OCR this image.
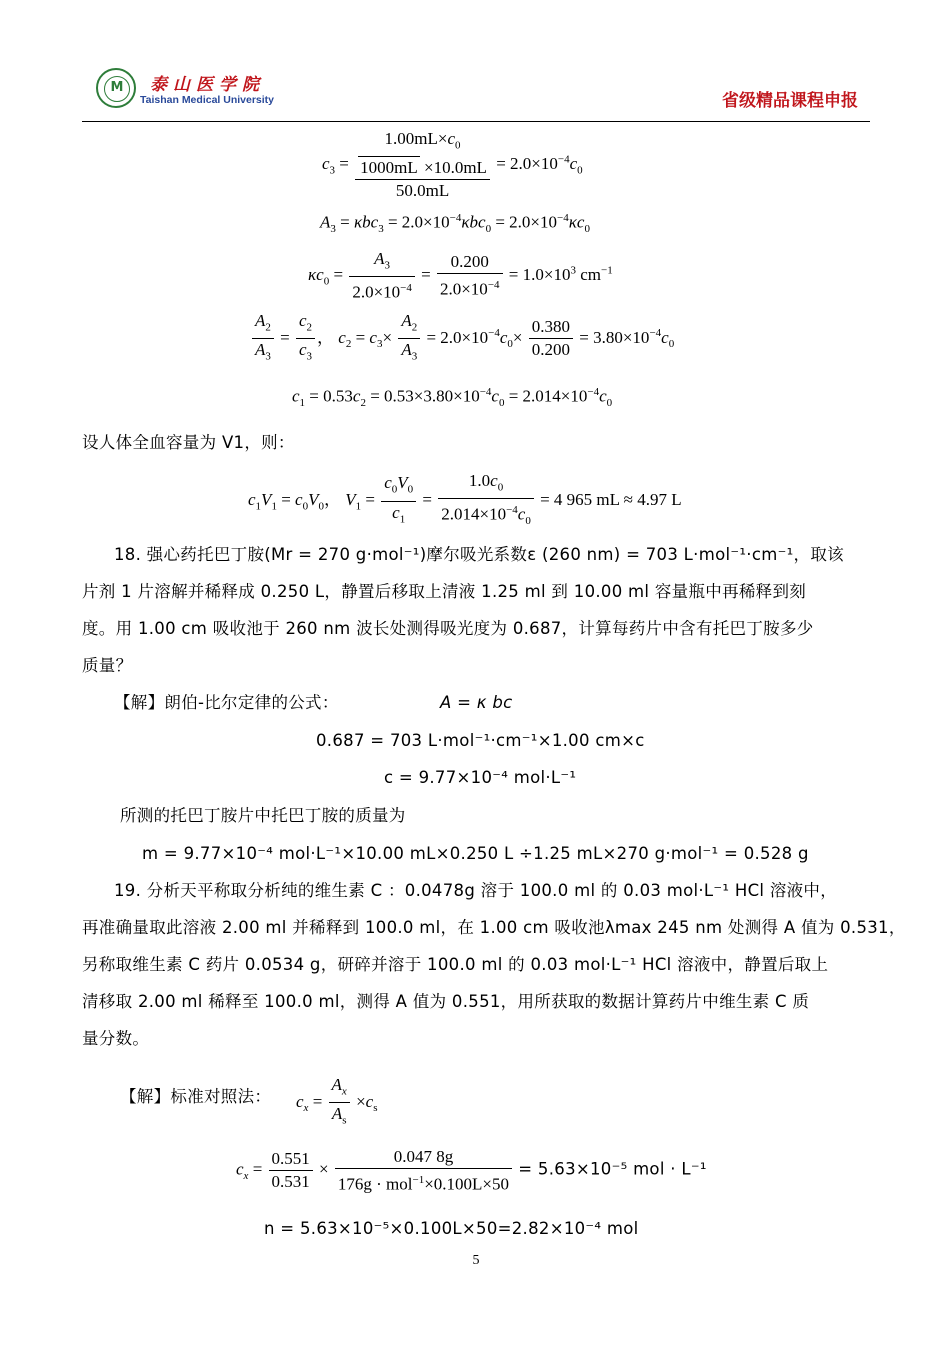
M	泰山医学院
Taishan Medical University	省级精品课程申报
$c_3$ =
$1.00mL\times c_0$
1000mL ×10.0mL
50.0mL
= $2.0\times 10^{-4}c_0$
$A_3 = \kappa bc_3 = 2.0\times 10^{-4}\kappa bc_0 = 2.0\times 10^{-4}\kappa c_0$
$\kappa c_0 = \frac{A_3}{2.0\times 10^{-4}} = \frac{0.200}{2.0\times 10^{-4}} = 1.0\times 10^3$ $cm^{-1}$
$\frac{A_2}{A_3} = \frac{c_2}{c_3}$ ， $c_2 = c_3\times \frac{A_2}{A_3} = 2.0\times 10^{-4}c_0\times \frac{0.380}{0.200} = 3.80\times 10^{-4}c_0$
$c_1 = 0.53c_2 = 0.53\times 3.80\times 10^{-4}c_0 = 2.014\times 10^{-4}c_0$
设人体全血容量为 V1，则：
$c_1V_1 = c_0V_0$， $V_1 = \frac{c_0V_0}{c_1} = \frac{1.0c_0}{2.014\times 10^{-4}c_0} = 4$ 965 mL ≈ 4.97 L
18. 强心药托巴丁胺(Mr = 270 g·mol⁻¹)摩尔吸光系数ε (260 nm) = 703 L·mol⁻¹·cm⁻¹，取该
片剂 1 片溶解并稀释成 0.250 L，静置后移取上清液 1.25 ml 到 10.00 ml 容量瓶中再稀释到刻
度。用 1.00 cm 吸收池于 260 nm 波长处测得吸光度为 0.687，计算每药片中含有托巴丁胺多少
质量？
【解】朗伯-比尔定律的公式：	A = κ bc
0.687 = 703 L·mol⁻¹·cm⁻¹×1.00 cm×c
c = 9.77×10⁻⁴ mol·L⁻¹
所测的托巴丁胺片中托巴丁胺的质量为
m = 9.77×10⁻⁴ mol·L⁻¹×10.00 mL×0.250 L ÷1.25 mL×270 g·mol⁻¹ = 0.528 g
19. 分析天平称取分析纯的维生素 C ：0.0478g 溶于 100.0 ml 的 0.03 mol·L⁻¹ HCl 溶液中，
再准确量取此溶液 2.00 ml 并稀释到 100.0 ml，在 1.00 cm 吸收池λmax 245 nm 处测得 A 值为 0.531，
另称取维生素 C 药片 0.0534 g，研碎并溶于 100.0 ml 的 0.03 mol·L⁻¹ HCl 溶液中，静置后取上
清移取 2.00 ml 稀释至 100.0 ml，测得 A 值为 0.551，用所获取的数据计算药片中维生素 C 质
量分数。
【解】标准对照法： $c_x = \frac{A_x}{A_s} \times c_s$
$c_x = \frac{0.551}{0.531} \times \frac{0.047 8g}{176g \cdot mol^{-1}\times 0.100L\times 50} = 5.63\times 10^{-5}$ mol · L⁻¹
n = 5.63×10⁻⁵×0.100L×50=2.82×10⁻⁴ mol
5
